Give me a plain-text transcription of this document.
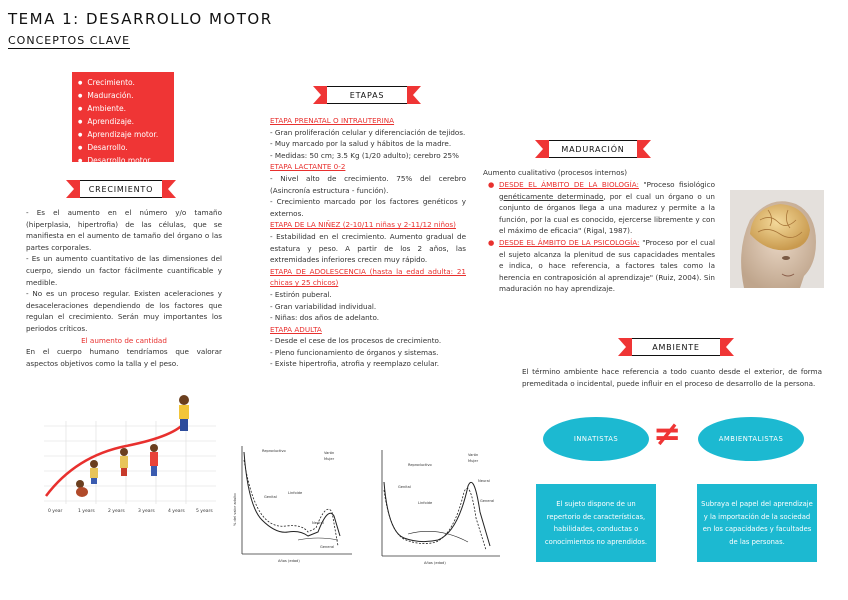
TEMA 1: DESARROLLO MOTOR
CONCEPTOS CLAVE
● Crecimiento.
● Maduración.
● Ambiente.
● Aprendizaje.
● Aprendizaje motor.
● Desarrollo.
● Desarrollo motor.
CRECIMIENTO
- Es el aumento en el número y/o tamaño (hiperplasia, hipertrofia) de las células, que se manifiesta en el aumento de tamaño del órgano o las partes corporales.
- Es un aumento cuantitativo de las dimensiones del cuerpo, siendo un factor fácilmente cuantificable y medible.
- No es un proceso regular. Existen aceleraciones y desaceleraciones dependiendo de los factores que regulan el crecimiento. Serán muy importantes los periodos críticos.
El aumento de cantidad
En el cuerpo humano tendríamos que valorar aspectos objetivos como la talla y el peso.
0 year	1 years	2 years	3 years	4 years	5 years
ETAPAS
ETAPA PRENATAL O INTRAUTERINA
- Gran proliferación celular y diferenciación de tejidos.
- Muy marcado por la salud y hábitos de la madre.
- Medidas: 50 cm; 3.5 Kg (1/20 adulto); cerebro 25%
ETAPA LACTANTE 0-2
- Nivel alto de crecimiento. 75% del cerebro (Asincronía estructura - función).
- Crecimiento marcado por los factores genéticos y externos.
ETAPA DE LA NIÑEZ (2-10/11 niñas y 2-11/12 niños)
- Estabilidad en el crecimiento. Aumento gradual de estatura y peso. A partir de los 2 años, las extremidades inferiores crecen muy rápido.
ETAPA DE ADOLESCENCIA (hasta la edad adulta: 21 chicas y 25 chicos)
- Estirón puberal.
- Gran variabilidad individual.
- Niñas: dos años de adelanto.
ETAPA ADULTA
- Desde el cese de los procesos de crecimiento.
- Pleno funcionamiento de órganos y sistemas.
- Existe hipertrofia, atrofia y reemplazo celular.
Reproductivo
Genital
Linfoide
Neural
General
Varón
Mujer
Años (edad)
% del valor adulto
Reproductivo
Genital
Linfoide
Neural
General
Varón
Mujer
Años (edad)
MADURACIÓN
Aumento cualitativo (procesos internos)
● DESDE EL ÁMBITO DE LA BIOLOGÍA: "Proceso fisiológico genéticamente determinado, por el cual un órgano o un conjunto de órganos llega a una madurez y permite a la función, por la cual es conocido, ejercerse libremente y con el máximo de eficacia" (Rigal, 1987).
● DESDE EL ÁMBITO DE LA PSICOLOGÍA: "Proceso por el cual el sujeto alcanza la plenitud de sus capacidades mentales e indica, o hace referencia, a factores tales como la herencia en contraposición al aprendizaje" (Ruiz, 2004). Sin maduración no hay aprendizaje.
AMBIENTE
El término ambiente hace referencia a todo cuanto desde el exterior, de forma premeditada o incidental, puede influir en el proceso de desarrollo de la persona.
INNATISTAS	≠	AMBIENTALISTAS
El sujeto dispone de un repertorio de características, habilidades, conductas o conocimientos no aprendidos.
Subraya el papel del aprendizaje y la importación de la sociedad en los capacidades y facultades de las personas.
